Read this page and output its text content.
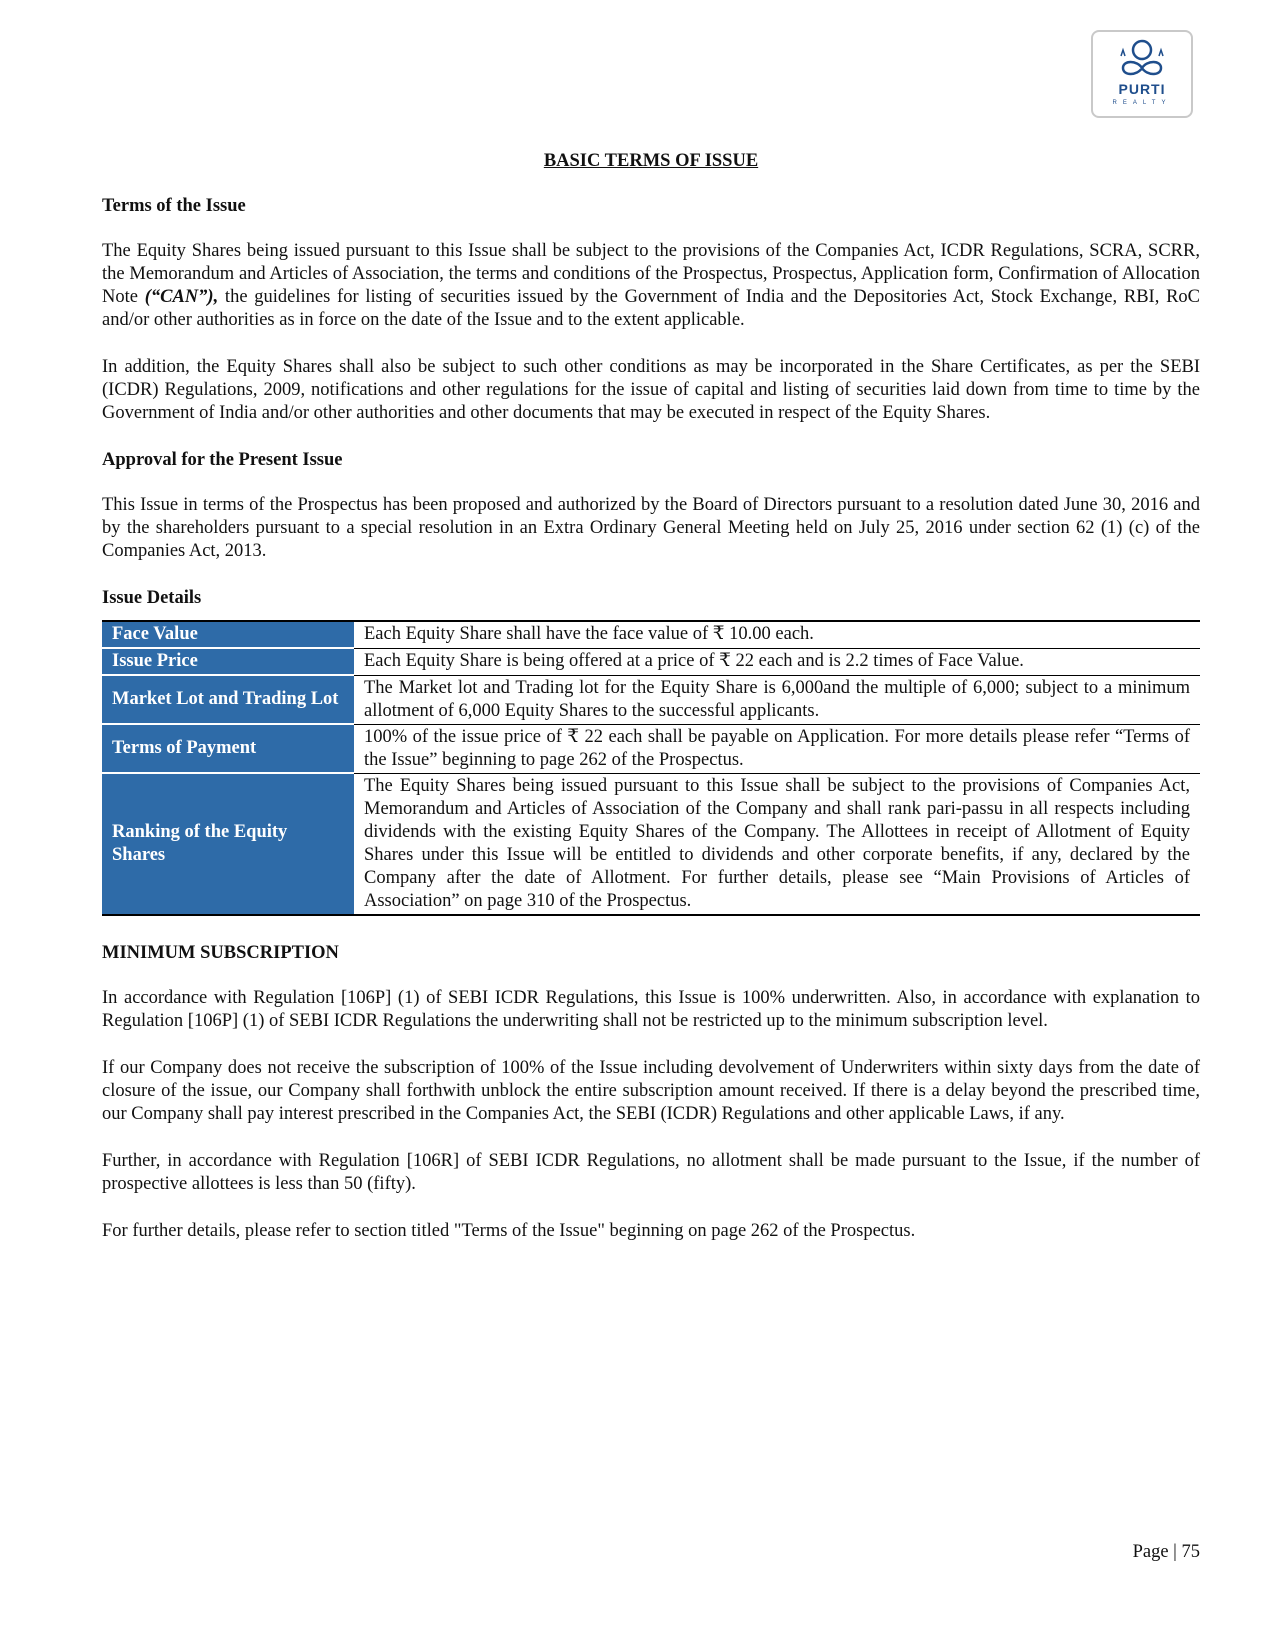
PURTI
REALTY
BASIC TERMS OF ISSUE
Terms of the Issue

The Equity Shares being issued pursuant to this Issue shall be subject to the provisions of the Companies Act, ICDR Regulations, SCRA, SCRR, the Memorandum and Articles of Association, the terms and conditions of the Prospectus, Prospectus, Application form, Confirmation of Allocation Note (“CAN”), the guidelines for listing of securities issued by the Government of India and the Depositories Act, Stock Exchange, RBI, RoC and/or other authorities as in force on the date of the Issue and to the extent applicable.

In addition, the Equity Shares shall also be subject to such other conditions as may be incorporated in the Share Certificates, as per the SEBI (ICDR) Regulations, 2009, notifications and other regulations for the issue of capital and listing of securities laid down from time to time by the Government of India and/or other authorities and other documents that may be executed in respect of the Equity Shares.

Approval for the Present Issue

This Issue in terms of the Prospectus has been proposed and authorized by the Board of Directors pursuant to a resolution dated June 30, 2016 and by the shareholders pursuant to a special resolution in an Extra Ordinary General Meeting held on July 25, 2016 under section 62 (1) (c) of the Companies Act, 2013.

Issue Details
Face Value	Each Equity Share shall have the face value of ₹ 10.00 each.
Issue Price	Each Equity Share is being offered at a price of ₹ 22 each and is 2.2 times of Face Value.
Market Lot and Trading Lot	The Market lot and Trading lot for the Equity Share is 6,000and the multiple of 6,000; subject to a minimum allotment of 6,000 Equity Shares to the successful applicants.
Terms of Payment	100% of the issue price of ₹ 22 each shall be payable on Application. For more details please refer “Terms of the Issue” beginning to page 262 of the Prospectus.
Ranking of the Equity Shares	The Equity Shares being issued pursuant to this Issue shall be subject to the provisions of Companies Act, Memorandum and Articles of Association of the Company and shall rank pari-passu in all respects including dividends with the existing Equity Shares of the Company. The Allottees in receipt of Allotment of Equity Shares under this Issue will be entitled to dividends and other corporate benefits, if any, declared by the Company after the date of Allotment. For further details, please see “Main Provisions of Articles of Association” on page 310 of the Prospectus.
MINIMUM SUBSCRIPTION

In accordance with Regulation [106P] (1) of SEBI ICDR Regulations, this Issue is 100% underwritten. Also, in accordance with explanation to Regulation [106P] (1) of SEBI ICDR Regulations the underwriting shall not be restricted up to the minimum subscription level.

If our Company does not receive the subscription of 100% of the Issue including devolvement of Underwriters within sixty days from the date of closure of the issue, our Company shall forthwith unblock the entire subscription amount received. If there is a delay beyond the prescribed time, our Company shall pay interest prescribed in the Companies Act, the SEBI (ICDR) Regulations and other applicable Laws, if any.

Further, in accordance with Regulation [106R] of SEBI ICDR Regulations, no allotment shall be made pursuant to the Issue, if the number of prospective allottees is less than 50 (fifty).

For further details, please refer to section titled "Terms of the Issue" beginning on page 262 of the Prospectus.

Page | 75
